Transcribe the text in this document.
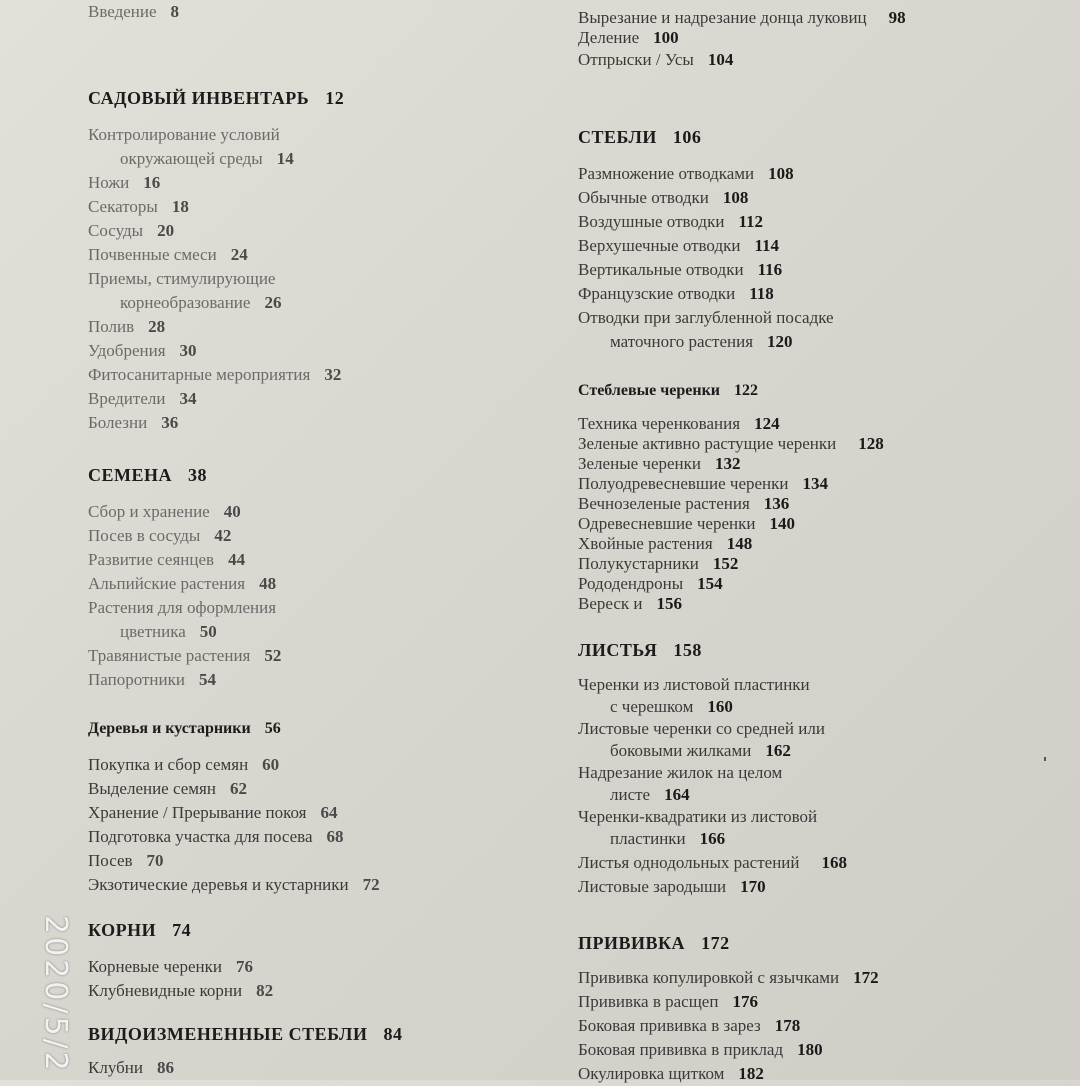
Введение 8
САДОВЫЙ ИНВЕНТАРЬ 12
Контролирование условий
окружающей среды 14
Ножи 16
Секаторы 18
Сосуды 20
Почвенные смеси 24
Приемы, стимулирующие
корнеобразование 26
Полив 28
Удобрения 30
Фитосанитарные мероприятия 32
Вредители 34
Болезни 36
СЕМЕНА 38
Сбор и хранение 40
Посев в сосуды 42
Развитие сеянцев 44
Альпийские растения 48
Растения для оформления
цветника 50
Травянистые растения 52
Папоротники 54
Деревья и кустарники 56
Покупка и сбор семян 60
Выделение семян 62
Хранение / Прерывание покоя 64
Подготовка участка для посева 68
Посев 70
Экзотические деревья и кустарники 72
КОРНИ 74
Корневые черенки 76
Клубневидные корни 82
ВИДОИЗМЕНЕННЫЕ СТЕБЛИ 84
Клубни 86
Вырезание и надрезание донца луковиц 98
Деление 100
Отпрыски / Усы 104
СТЕБЛИ 106
Размножение отводками 108
Обычные отводки 108
Воздушные отводки 112
Верхушечные отводки 114
Вертикальные отводки 116
Французские отводки 118
Отводки при заглубленной посадке
маточного растения 120
Стеблевые черенки 122
Техника черенкования 124
Зеленые активно растущие черенки 128
Зеленые черенки 132
Полуодревесневшие черенки 134
Вечнозеленые растения 136
Одревесневшие черенки 140
Хвойные растения 148
Полукустарники 152
Рододендроны 154
Вереск и 156
ЛИСТЬЯ 158
Черенки из листовой пластинки
с черешком 160
Листовые черенки со средней или
боковыми жилками 162
Надрезание жилок на целом
листе 164
Черенки-квадратики из листовой
пластинки 166
Листья однодольных растений 168
Листовые зародыши 170
ПРИВИВКА 172
Прививка копулировкой с язычками 172
Прививка в расщеп 176
Боковая прививка в зарез 178
Боковая прививка в приклад 180
Окулировка щитком 182
2020/5/2
